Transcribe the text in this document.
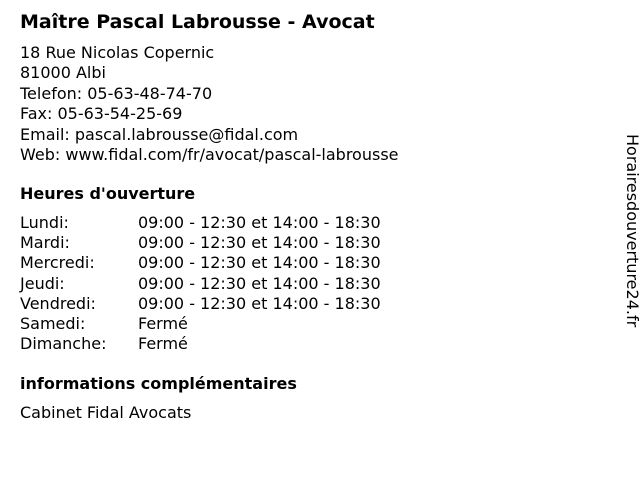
Maître Pascal Labrousse - Avocat
18 Rue Nicolas Copernic
81000 Albi
Telefon: 05-63-48-74-70
Fax: 05-63-54-25-69
Email: pascal.labrousse@fidal.com
Web: www.fidal.com/fr/avocat/pascal-labrousse
Heures d'ouverture
Lundi:	09:00 - 12:30 et 14:00 - 18:30
Mardi:	09:00 - 12:30 et 14:00 - 18:30
Mercredi:	09:00 - 12:30 et 14:00 - 18:30
Jeudi:	09:00 - 12:30 et 14:00 - 18:30
Vendredi:	09:00 - 12:30 et 14:00 - 18:30
Samedi:	Fermé
Dimanche: Fermé
informations complémentaires
Cabinet Fidal Avocats
Horairesdouverture24.fr
